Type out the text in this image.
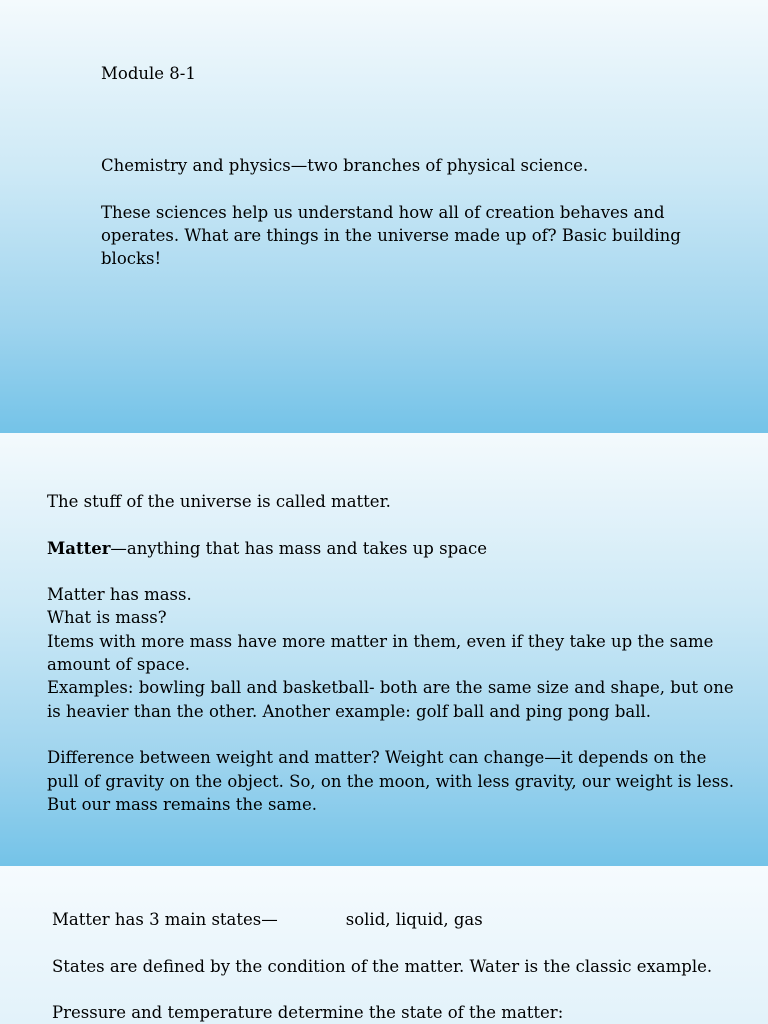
Module 8-1

Chemistry and physics—two branches of physical science.

These sciences help us understand how all of creation behaves and

operates. What are things in the universe made up of? Basic building

blocks!

The stuff of the universe is called matter.

Matter—anything that has mass and takes up space

Matter has mass.

What is mass?

Items with more mass have more matter in them, even if they take up the same

amount of space.

Examples: bowling ball and basketball- both are the same size and shape, but one

is heavier than the other. Another example: golf ball and ping pong ball.

Difference between weight and matter? Weight can change—it depends on the

pull of gravity on the object. So, on the moon, with less gravity, our weight is less.

But our mass remains the same.

Matter has 3 main states—	solid, liquid, gas

States are defined by the condition of the matter. Water is the classic example.

Pressure and temperature determine the state of the matter:
